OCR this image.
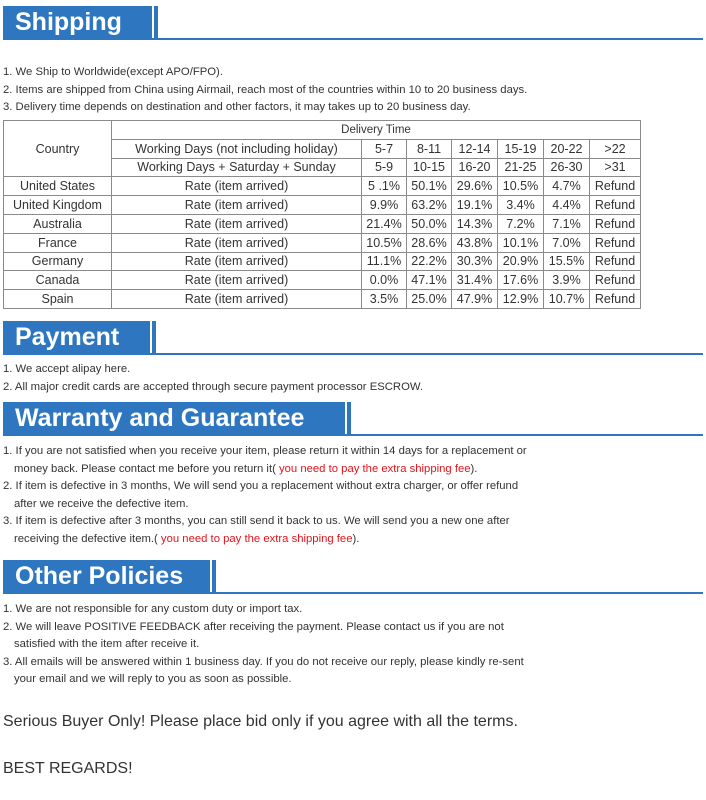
Shipping
1. We Ship to Worldwide(except APO/FPO).
2. Items are shipped from China using Airmail, reach most of the countries within 10 to 20 business days.
3. Delivery time depends on destination and other factors, it may takes up to 20 business day.
Country	Delivery Time						
	Working Days (not including holiday)	5-7	8-11	12-14	15-19	20-22	>22
	Working Days + Saturday + Sunday	5-9	10-15	16-20	21-25	26-30	>31
United States	Rate (item arrived)	5 .1%	50.1%	29.6%	10.5%	4.7%	Refund
United Kingdom	Rate (item arrived)	9.9%	63.2%	19.1%	3.4%	4.4%	Refund
Australia	Rate (item arrived)	21.4%	50.0%	14.3%	7.2%	7.1%	Refund
France	Rate (item arrived)	10.5%	28.6%	43.8%	10.1%	7.0%	Refund
Germany	Rate (item arrived)	11.1%	22.2%	30.3%	20.9%	15.5%	Refund
Canada	Rate (item arrived)	0.0%	47.1%	31.4%	17.6%	3.9%	Refund
Spain	Rate (item arrived)	3.5%	25.0%	47.9%	12.9%	10.7%	Refund
Payment
1. We accept alipay here.
2. All major credit cards are accepted through secure payment processor ESCROW.
Warranty and Guarantee
1. If you are not satisfied when you receive your item, please return it within 14 days for a replacement or
money back. Please contact me before you return it( you need to pay the extra shipping fee).
2. If item is defective in 3 months, We will send you a replacement without extra charger, or offer refund
after we receive the defective item.
3. If item is defective after 3 months, you can still send it back to us. We will send you a new one after
receiving the defective item.( you need to pay the extra shipping fee).
Other Policies
1. We are not responsible for any custom duty or import tax.
2. We will leave POSITIVE FEEDBACK after receiving the payment. Please contact us if you are not
satisfied with the item after receive it.
3. All emails will be answered within 1 business day. If you do not receive our reply, please kindly re-sent
your email and we will reply to you as soon as possible.
Serious Buyer Only! Please place bid only if you agree with all the terms.
BEST REGARDS!
